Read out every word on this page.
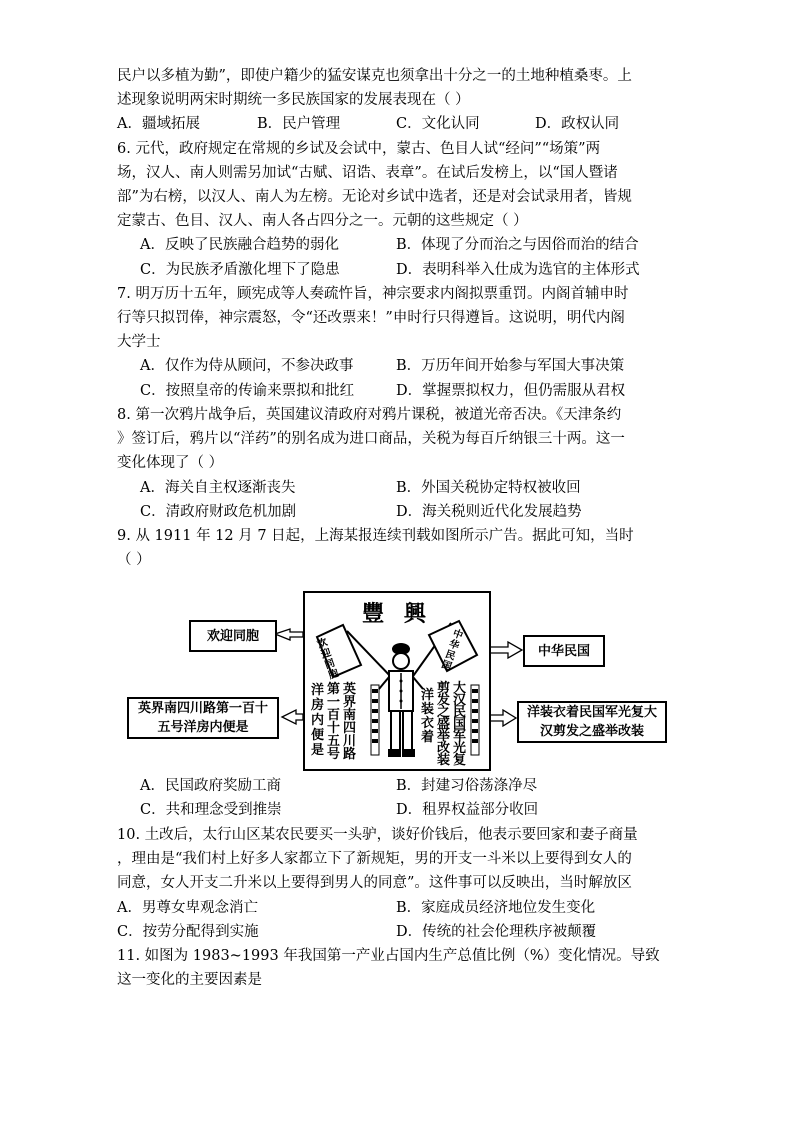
民户以多植为勤”，即使户籍少的猛安谋克也须拿出十分之一的土地种植桑枣。上
述现象说明两宋时期统一多民族国家的发展表现在（ ）
A．疆域拓展	B．民户管理	C．文化认同	D．政权认同
6. 元代，政府规定在常规的乡试及会试中，蒙古、色目人试“经问”“场策”两
场，汉人、南人则需另加试“古赋、诏诰、表章”。在试后发榜上，以“国人暨诸
部”为右榜，以汉人、南人为左榜。无论对乡试中选者，还是对会试录用者，皆规
定蒙古、色目、汉人、南人各占四分之一。元朝的这些规定（ ）
A．反映了民族融合趋势的弱化	B．体现了分而治之与因俗而治的结合
C．为民族矛盾激化埋下了隐患	D．表明科举入仕成为选官的主体形式
7. 明万历十五年，顾宪成等人奏疏忤旨，神宗要求内阁拟票重罚。内阁首辅申时
行等只拟罚俸，神宗震怒，令“还改票来！”申时行只得遵旨。这说明，明代内阁
大学士
A．仅作为侍从顾问，不参决政事	B．万历年间开始参与军国大事决策
C．按照皇帝的传谕来票拟和批红	D．掌握票拟权力，但仍需服从君权
8. 第一次鸦片战争后，英国建议清政府对鸦片课税，被道光帝否决。《天津条约
》签订后，鸦片以“洋药”的别名成为进口商品，关税为每百斤纳银三十两。这一
变化体现了（ ）
A．海关自主权逐渐丧失	B．外国关税协定特权被收回
C．清政府财政危机加剧	D．海关税则近代化发展趋势
9. 从 1911 年 12 月 7 日起，上海某报连续刊载如图所示广告。据此可知，当时
（ ）
欢迎同胞
中华民国
英界南四川路第一百十五号洋房内便是
洋装衣着民国军光复大汉剪发之盛举改装
豐 興
欢迎同胞
中华民国
洋房内便是
第一百十五号
英界南四川路
大汉民国军光复
剪发之盛举改装
洋装衣着
A．民国政府奖励工商	B．封建习俗荡涤净尽
C．共和理念受到推崇	D．租界权益部分收回
10. 土改后，太行山区某农民要买一头驴，谈好价钱后，他表示要回家和妻子商量
，理由是“我们村上好多人家都立下了新规矩，男的开支一斗米以上要得到女人的
同意，女人开支二升米以上要得到男人的同意”。这件事可以反映出，当时解放区
A．男尊女卑观念消亡	B．家庭成员经济地位发生变化
C．按劳分配得到实施	D．传统的社会伦理秩序被颠覆
11. 如图为 1983~1993 年我国第一产业占国内生产总值比例（%）变化情况。导致
这一变化的主要因素是
